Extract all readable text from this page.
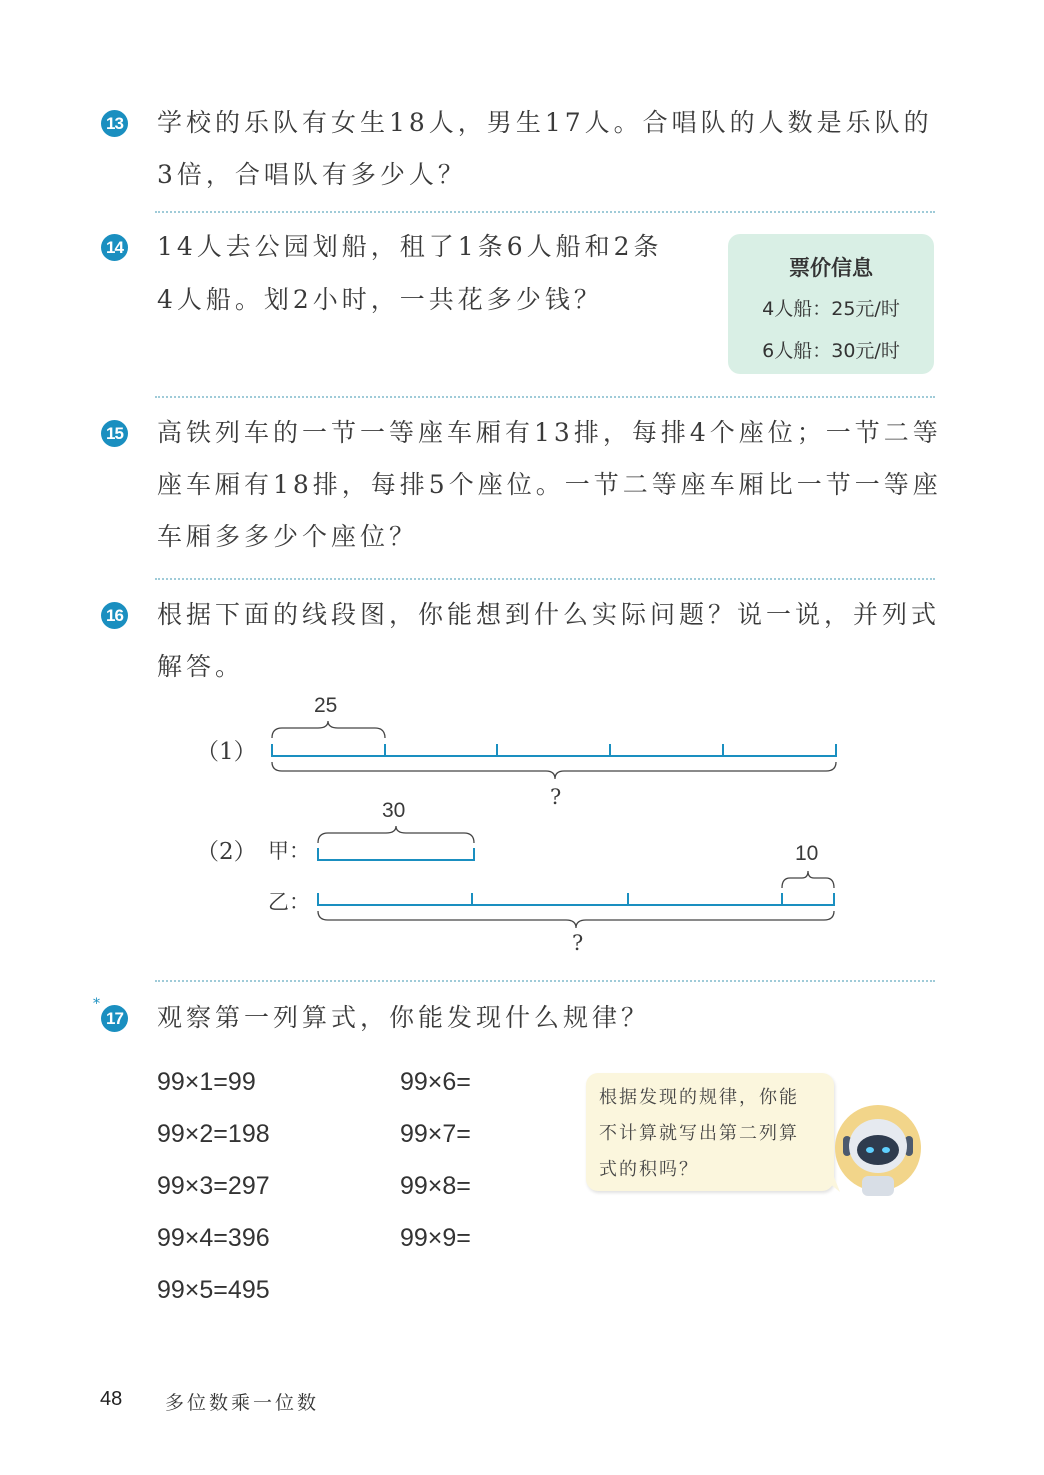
13 学校的乐队有女生18人，男生17人。合唱队的人数是乐队的
3倍，合唱队有多少人？
14 14人去公园划船，租了1条6人船和2条
4人船。划2小时，一共花多少钱？
票价信息
4人船：25元/时
6人船：30元/时
15 高铁列车的一节一等座车厢有13排，每排4个座位；一节二等
座车厢有18排，每排5个座位。一节二等座车厢比一节一等座
车厢多多少个座位？
16 根据下面的线段图，你能想到什么实际问题？说一说，并列式
解答。
（1）
25
?
（2） 甲：
乙：
30
10
?
*
17 观察第一列算式，你能发现什么规律？
99×1=99
99×2=198
99×3=297
99×4=396
99×5=495
99×6=
99×7=
99×8=
99×9=
根据发现的规律，你能
不计算就写出第二列算
式的积吗？
48 多位数乘一位数
